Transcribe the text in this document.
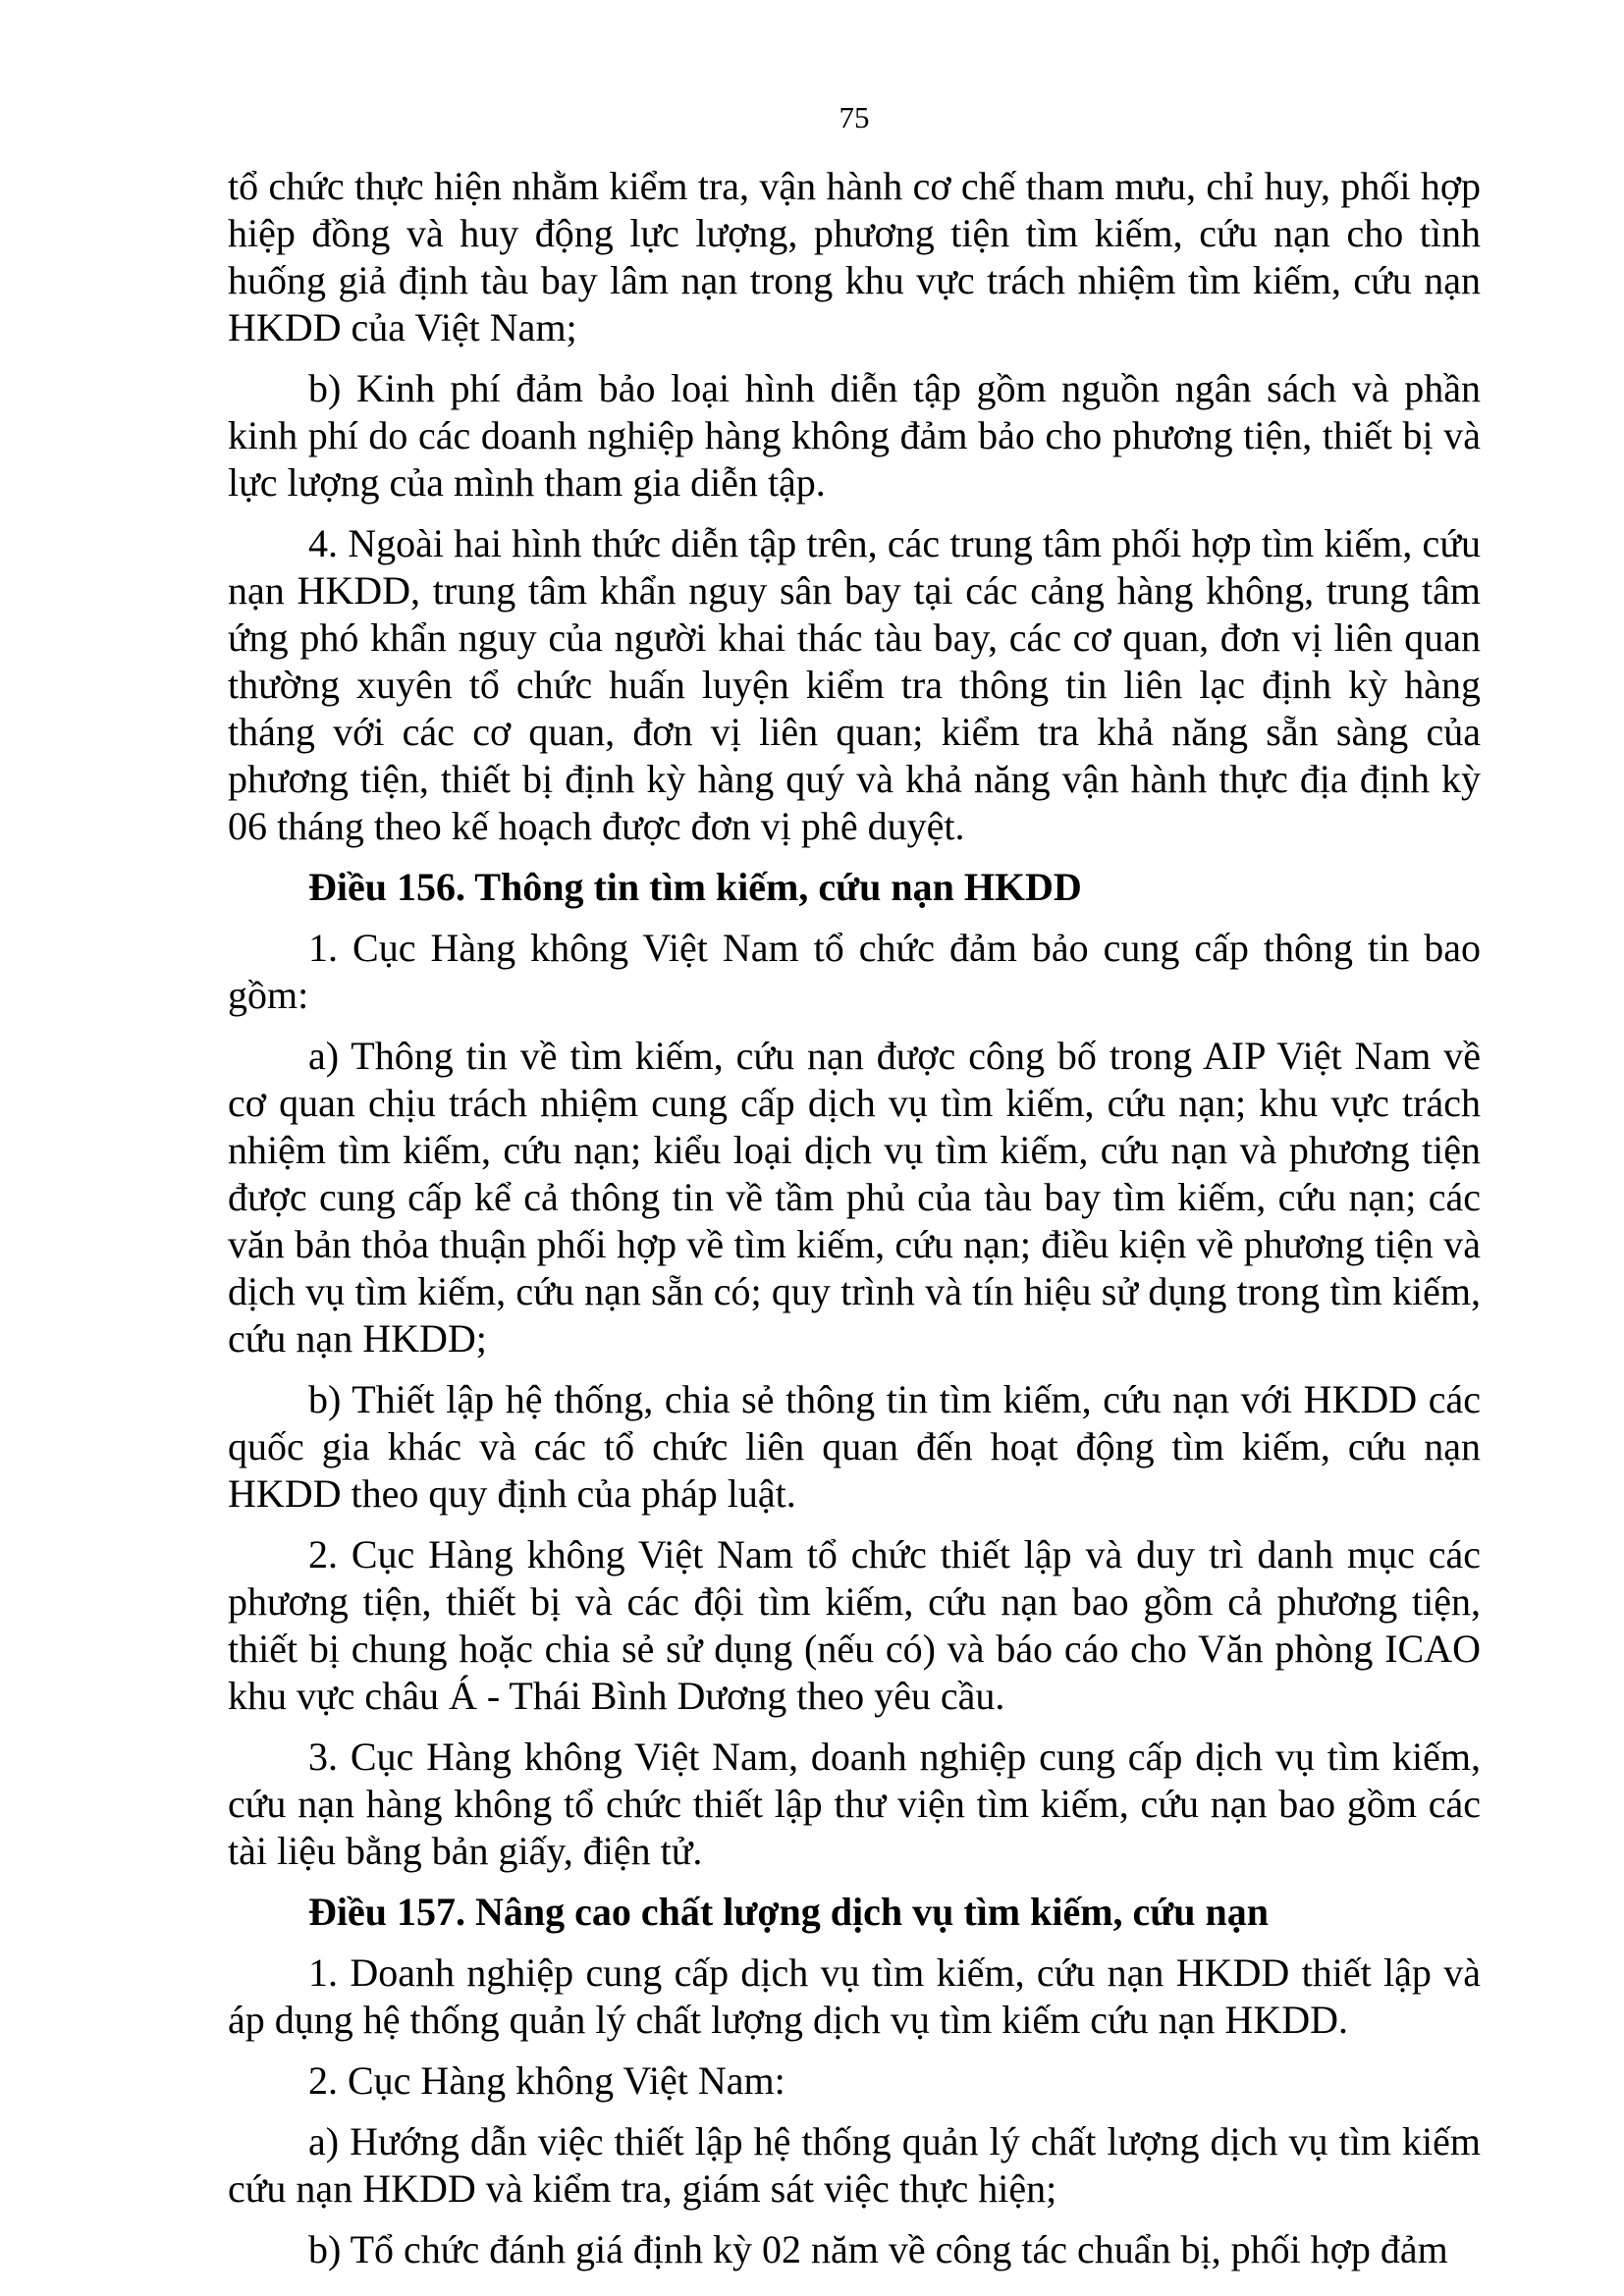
75

tổ chức thực hiện nhằm kiểm tra, vận hành cơ chế tham mưu, chỉ huy, phối hợp hiệp đồng và huy động lực lượng, phương tiện tìm kiếm, cứu nạn cho tình huống giả định tàu bay lâm nạn trong khu vực trách nhiệm tìm kiếm, cứu nạn HKDD của Việt Nam;

b) Kinh phí đảm bảo loại hình diễn tập gồm nguồn ngân sách và phần kinh phí do các doanh nghiệp hàng không đảm bảo cho phương tiện, thiết bị và lực lượng của mình tham gia diễn tập.

4. Ngoài hai hình thức diễn tập trên, các trung tâm phối hợp tìm kiếm, cứu nạn HKDD, trung tâm khẩn nguy sân bay tại các cảng hàng không, trung tâm ứng phó khẩn nguy của người khai thác tàu bay, các cơ quan, đơn vị liên quan thường xuyên tổ chức huấn luyện kiểm tra thông tin liên lạc định kỳ hàng tháng với các cơ quan, đơn vị liên quan; kiểm tra khả năng sẵn sàng của phương tiện, thiết bị định kỳ hàng quý và khả năng vận hành thực địa định kỳ 06 tháng theo kế hoạch được đơn vị phê duyệt.

Điều 156. Thông tin tìm kiếm, cứu nạn HKDD

1. Cục Hàng không Việt Nam tổ chức đảm bảo cung cấp thông tin bao gồm:

a) Thông tin về tìm kiếm, cứu nạn được công bố trong AIP Việt Nam về cơ quan chịu trách nhiệm cung cấp dịch vụ tìm kiếm, cứu nạn; khu vực trách nhiệm tìm kiếm, cứu nạn; kiểu loại dịch vụ tìm kiếm, cứu nạn và phương tiện được cung cấp kể cả thông tin về tầm phủ của tàu bay tìm kiếm, cứu nạn; các văn bản thỏa thuận phối hợp về tìm kiếm, cứu nạn; điều kiện về phương tiện và dịch vụ tìm kiếm, cứu nạn sẵn có; quy trình và tín hiệu sử dụng trong tìm kiếm, cứu nạn HKDD;

b) Thiết lập hệ thống, chia sẻ thông tin tìm kiếm, cứu nạn với HKDD các quốc gia khác và các tổ chức liên quan đến hoạt động tìm kiếm, cứu nạn HKDD theo quy định của pháp luật.

2. Cục Hàng không Việt Nam tổ chức thiết lập và duy trì danh mục các phương tiện, thiết bị và các đội tìm kiếm, cứu nạn bao gồm cả phương tiện, thiết bị chung hoặc chia sẻ sử dụng (nếu có) và báo cáo cho Văn phòng ICAO khu vực châu Á - Thái Bình Dương theo yêu cầu.

3. Cục Hàng không Việt Nam, doanh nghiệp cung cấp dịch vụ tìm kiếm, cứu nạn hàng không tổ chức thiết lập thư viện tìm kiếm, cứu nạn bao gồm các tài liệu bằng bản giấy, điện tử.

Điều 157. Nâng cao chất lượng dịch vụ tìm kiếm, cứu nạn

1. Doanh nghiệp cung cấp dịch vụ tìm kiếm, cứu nạn HKDD thiết lập và áp dụng hệ thống quản lý chất lượng dịch vụ tìm kiếm cứu nạn HKDD.

2. Cục Hàng không Việt Nam:

a) Hướng dẫn việc thiết lập hệ thống quản lý chất lượng dịch vụ tìm kiếm cứu nạn HKDD và kiểm tra, giám sát việc thực hiện;

b) Tổ chức đánh giá định kỳ 02 năm về công tác chuẩn bị, phối hợp đảm
